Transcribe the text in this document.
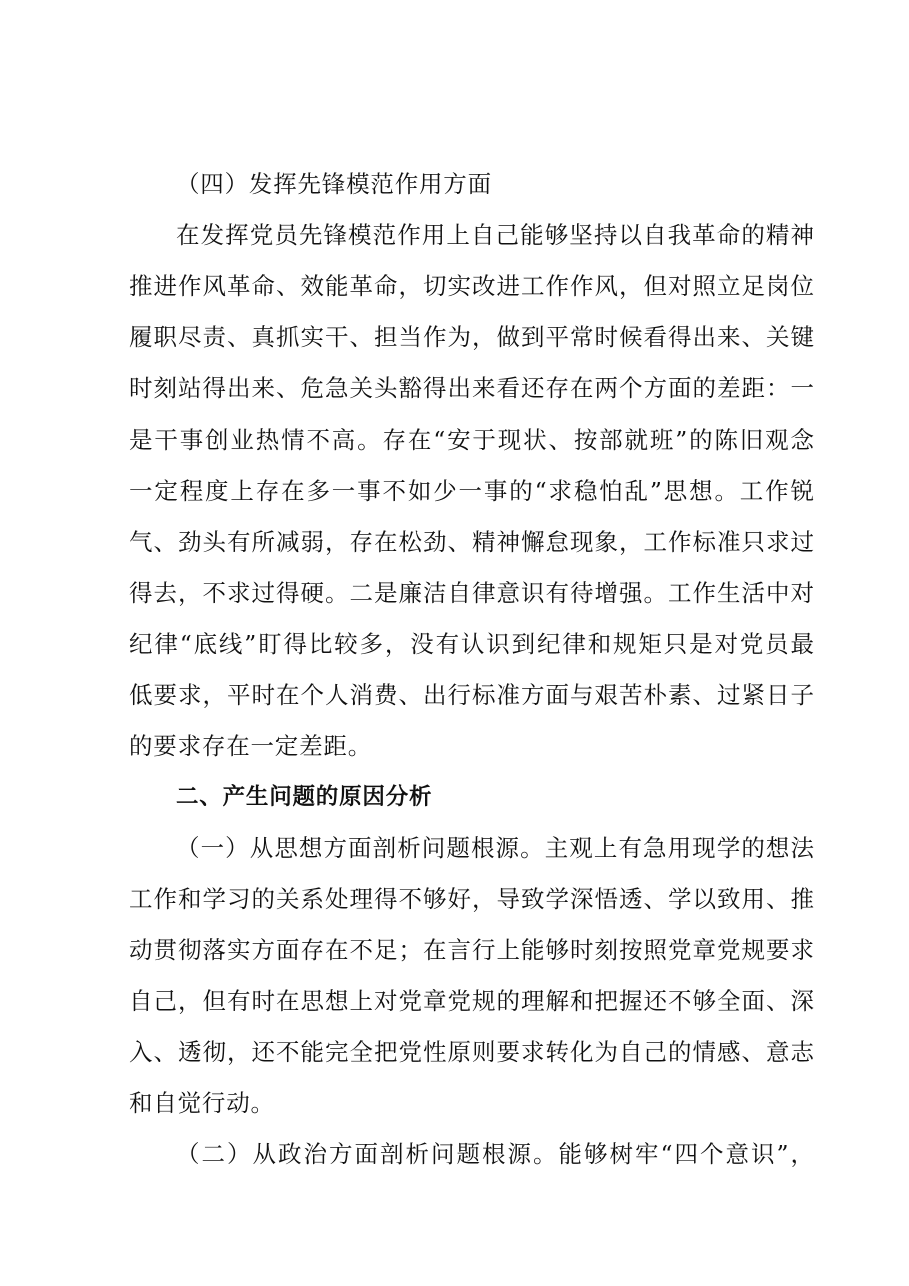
（四）发挥先锋模范作用方面
在发挥党员先锋模范作用上自己能够坚持以自我革命的精神
推进作风革命、效能革命，切实改进工作作风，但对照立足岗位
履职尽责、真抓实干、担当作为，做到平常时候看得出来、关键
时刻站得出来、危急关头豁得出来看还存在两个方面的差距：一
是干事创业热情不高。存在“安于现状、按部就班”的陈旧观念
一定程度上存在多一事不如少一事的“求稳怕乱”思想。工作锐
气、劲头有所减弱，存在松劲、精神懈怠现象，工作标准只求过
得去，不求过得硬。二是廉洁自律意识有待增强。工作生活中对
纪律“底线”盯得比较多，没有认识到纪律和规矩只是对党员最
低要求，平时在个人消费、出行标准方面与艰苦朴素、过紧日子
的要求存在一定差距。
二、产生问题的原因分析
（一）从思想方面剖析问题根源。主观上有急用现学的想法
工作和学习的关系处理得不够好，导致学深悟透、学以致用、推
动贯彻落实方面存在不足；在言行上能够时刻按照党章党规要求
自己，但有时在思想上对党章党规的理解和把握还不够全面、深
入、透彻，还不能完全把党性原则要求转化为自己的情感、意志
和自觉行动。
（二）从政治方面剖析问题根源。能够树牢“四个意识”，
